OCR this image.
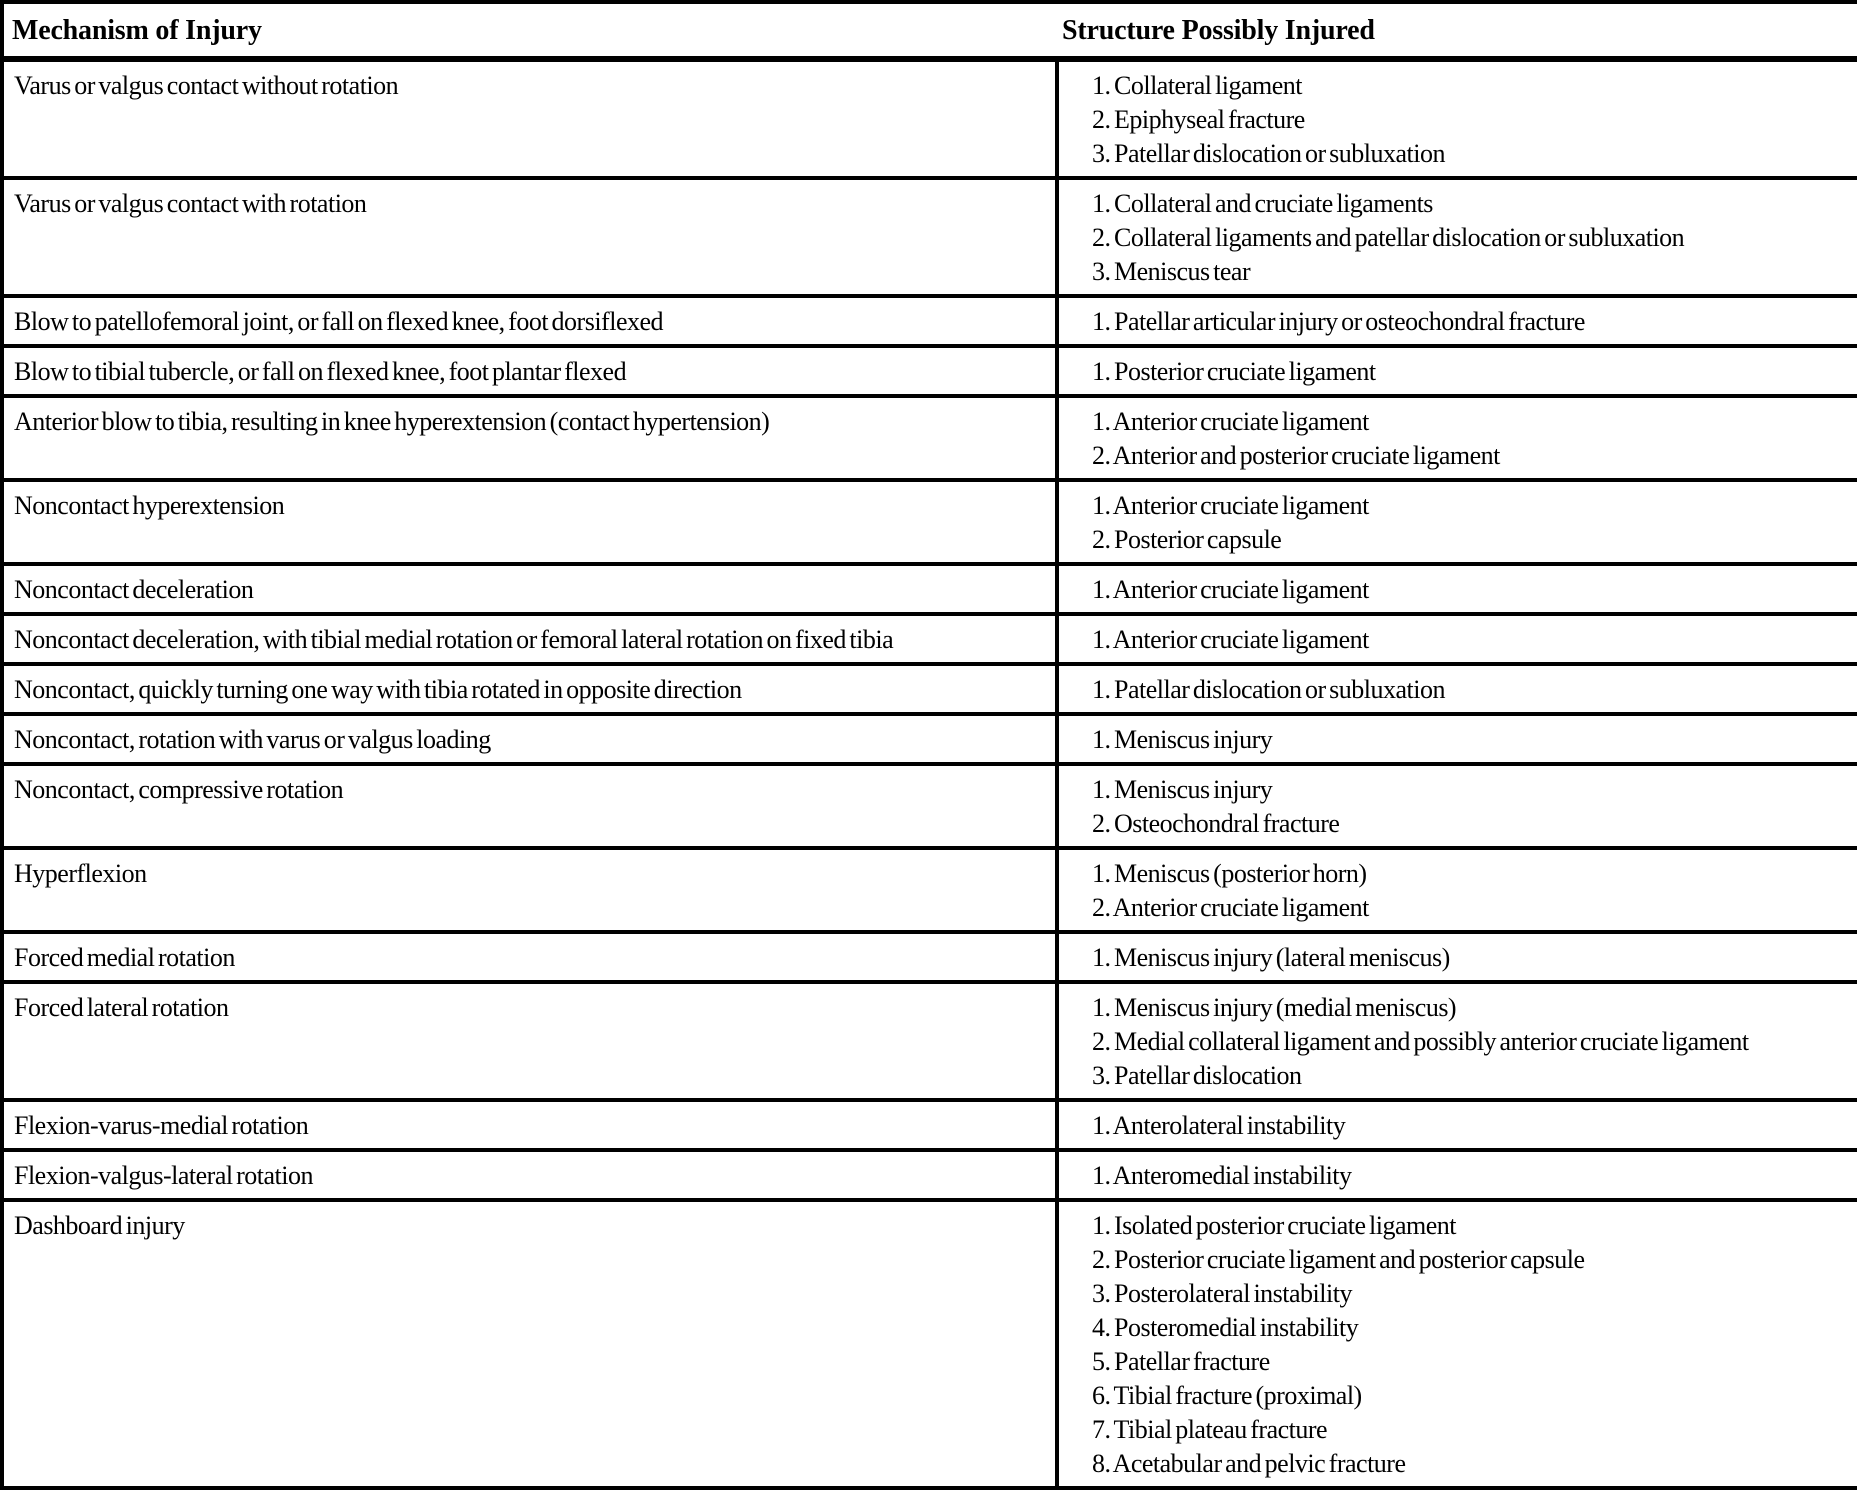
Mechanism of Injury	Structure Possibly Injured

Varus or valgus contact without rotation	1. Collateral ligament
2. Epiphyseal fracture
3. Patellar dislocation or subluxation

Varus or valgus contact with rotation	1. Collateral and cruciate ligaments
2. Collateral ligaments and patellar dislocation or subluxation
3. Meniscus tear

Blow to patellofemoral joint, or fall on flexed knee, foot dorsiflexed	1. Patellar articular injury or osteochondral fracture

Blow to tibial tubercle, or fall on flexed knee, foot plantar flexed	1. Posterior cruciate ligament

Anterior blow to tibia, resulting in knee hyperextension (contact hypertension)	1. Anterior cruciate ligament
2. Anterior and posterior cruciate ligament

Noncontact hyperextension	1. Anterior cruciate ligament
2. Posterior capsule

Noncontact deceleration	1. Anterior cruciate ligament

Noncontact deceleration, with tibial medial rotation or femoral lateral rotation on fixed tibia	1. Anterior cruciate ligament

Noncontact, quickly turning one way with tibia rotated in opposite direction	1. Patellar dislocation or subluxation

Noncontact, rotation with varus or valgus loading	1. Meniscus injury

Noncontact, compressive rotation	1. Meniscus injury
2. Osteochondral fracture

Hyperflexion	1. Meniscus (posterior horn)
2. Anterior cruciate ligament

Forced medial rotation	1. Meniscus injury (lateral meniscus)

Forced lateral rotation	1. Meniscus injury (medial meniscus)
2. Medial collateral ligament and possibly anterior cruciate ligament
3. Patellar dislocation

Flexion-varus-medial rotation	1. Anterolateral instability

Flexion-valgus-lateral rotation	1. Anteromedial instability

Dashboard injury	1. Isolated posterior cruciate ligament
2. Posterior cruciate ligament and posterior capsule
3. Posterolateral instability
4. Posteromedial instability
5. Patellar fracture
6. Tibial fracture (proximal)
7. Tibial plateau fracture
8. Acetabular and pelvic fracture
